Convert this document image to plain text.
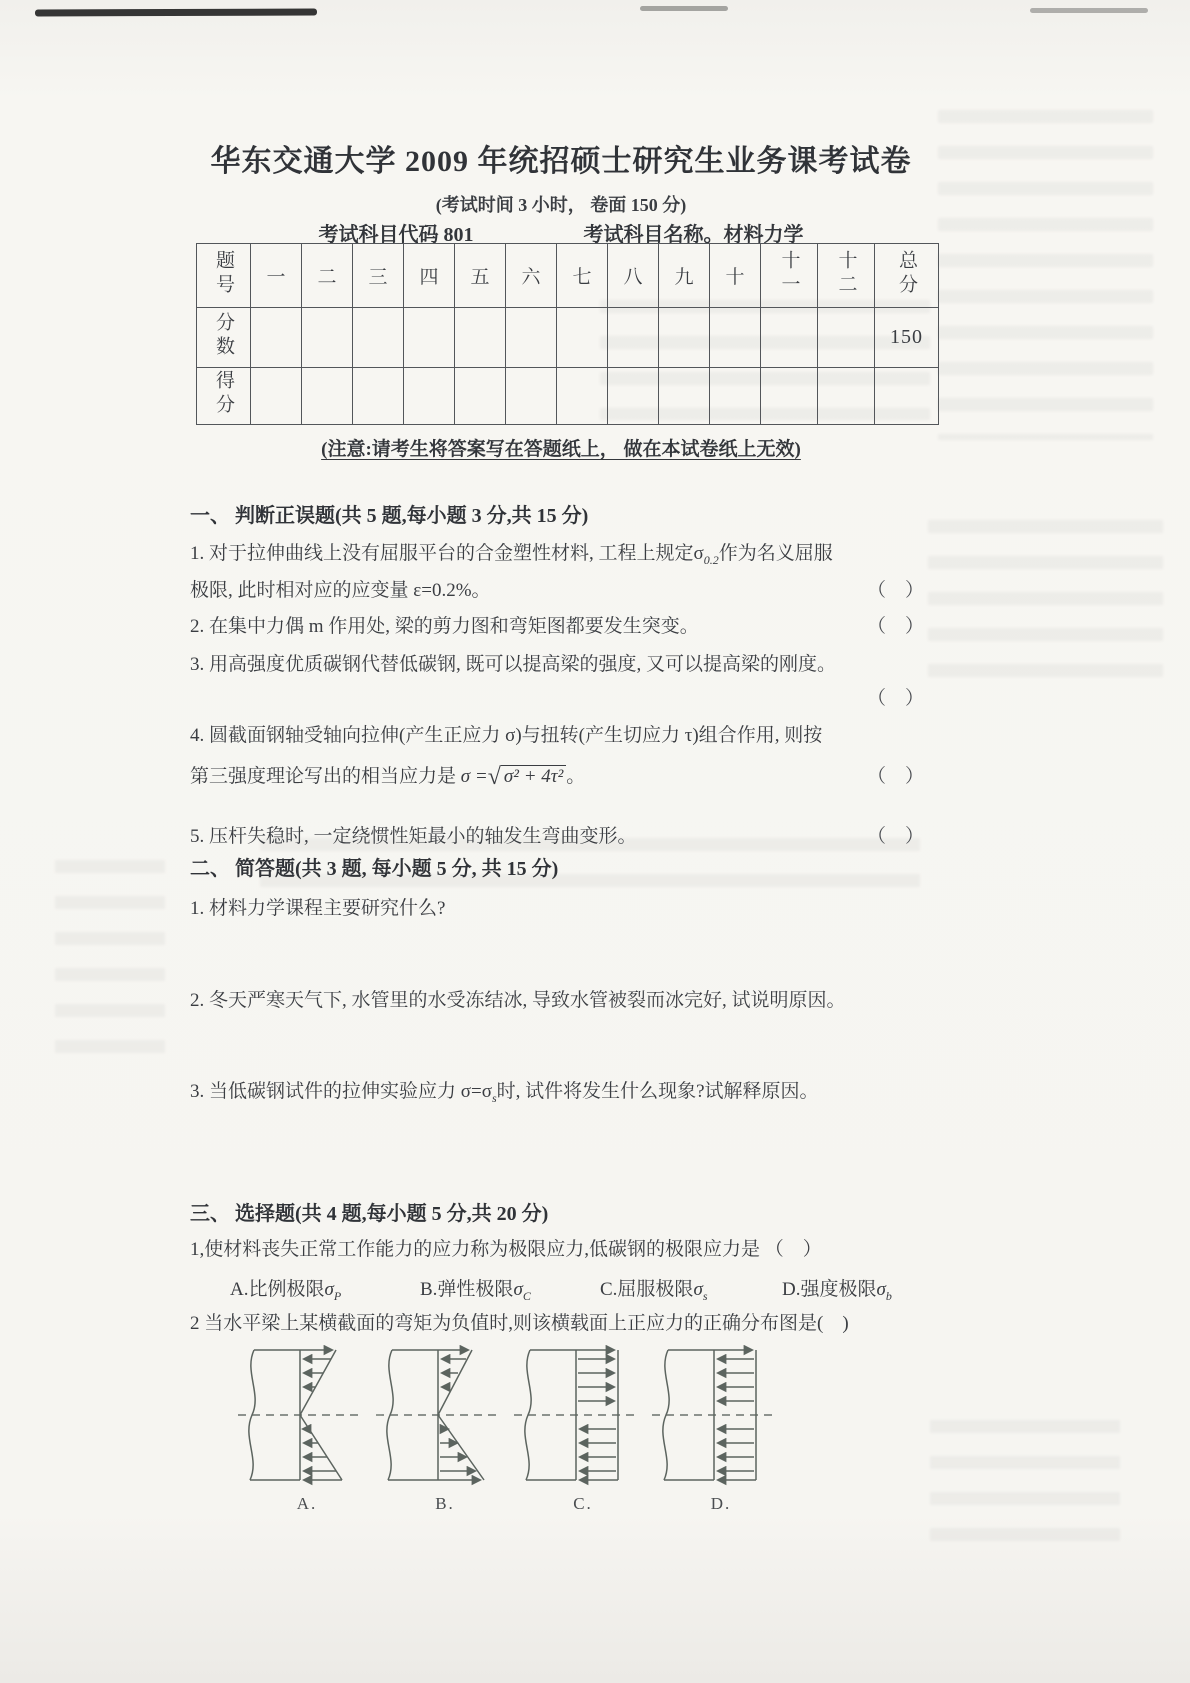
华东交通大学 2009 年统招硕士研究生业务课考试卷
(考试时间 3 小时， 卷面 150 分)
考试科目代码 801	考试科目名称。材料力学
题号	一	二	三	四	五	六	七	八	九	十	十一	十二	总分
分数													150
得分													
(注意:请考生将答案写在答题纸上， 做在本试卷纸上无效)
一、 判断正误题(共 5 题,每小题 3 分,共 15 分)
1. 对于拉伸曲线上没有屈服平台的合金塑性材料, 工程上规定$\sigma_{0.2}$作为名义屈服
极限, 此时相对应的应变量 ε=0.2%。	（　）
2. 在集中力偶 m 作用处, 梁的剪力图和弯矩图都要发生突变。	（　）
3. 用高强度优质碳钢代替低碳钢, 既可以提高梁的强度, 又可以提高梁的刚度。
（　）
4. 圆截面钢轴受轴向拉伸(产生正应力 σ)与扭转(产生切应力 τ)组合作用, 则按
第三强度理论写出的相当应力是 σ =√ σ² + 4τ² 。	（　）
5. 压杆失稳时, 一定绕惯性矩最小的轴发生弯曲变形。	（　）
二、 简答题(共 3 题, 每小题 5 分, 共 15 分)
1. 材料力学课程主要研究什么?
2. 冬天严寒天气下, 水管里的水受冻结冰, 导致水管被裂而冰完好, 试说明原因。
3. 当低碳钢试件的拉伸实验应力 $\sigma=\sigma_s$时, 试件将发生什么现象?试解释原因。
三、 选择题(共 4 题,每小题 5 分,共 20 分)
1,使材料丧失正常工作能力的应力称为极限应力,低碳钢的极限应力是 （　）
A.比例极限$\sigma_P$	B.弹性极限$\sigma_C$	C.屈服极限$\sigma_s$	D.强度极限$\sigma_b$
2 当水平梁上某横截面的弯矩为负值时,则该横载面上正应力的正确分布图是(　)
A.	B.	C.	D.
